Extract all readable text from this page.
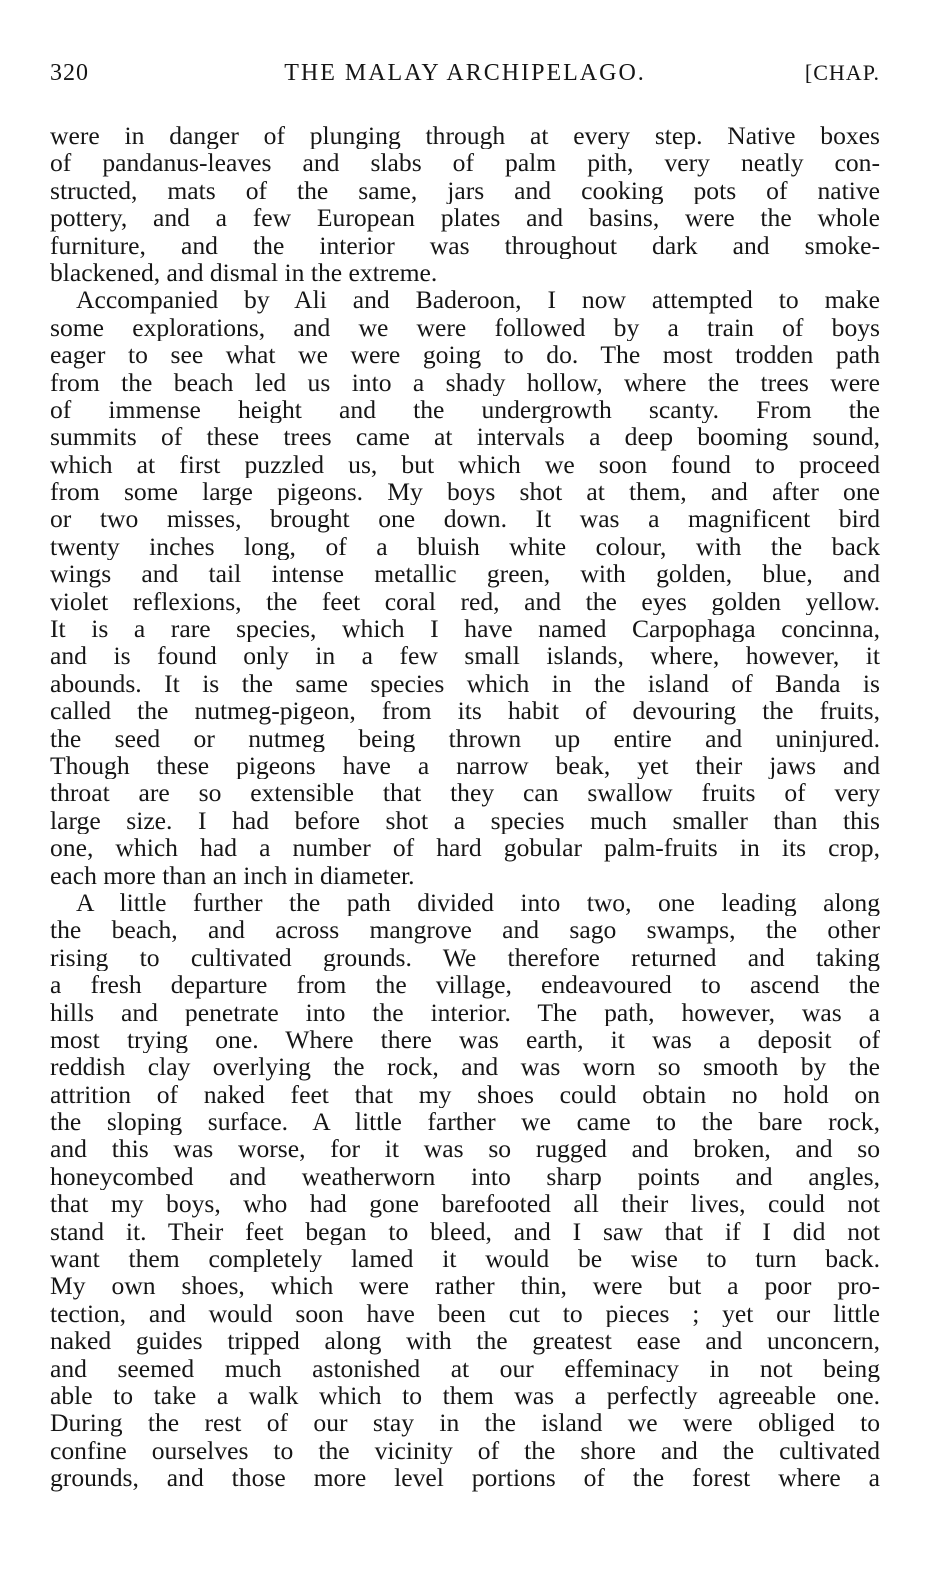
320	THE MALAY ARCHIPELAGO.	[CHAP.
were in danger of plunging through at every step. Native boxes
of pandanus-leaves and slabs of palm pith, very neatly con-
structed, mats of the same, jars and cooking pots of native
pottery, and a few European plates and basins, were the whole
furniture, and the interior was throughout dark and smoke-
blackened, and dismal in the extreme.
Accompanied by Ali and Baderoon, I now attempted to make
some explorations, and we were followed by a train of boys
eager to see what we were going to do. The most trodden path
from the beach led us into a shady hollow, where the trees were
of immense height and the undergrowth scanty. From the
summits of these trees came at intervals a deep booming sound,
which at first puzzled us, but which we soon found to proceed
from some large pigeons. My boys shot at them, and after one
or two misses, brought one down. It was a magnificent bird
twenty inches long, of a bluish white colour, with the back
wings and tail intense metallic green, with golden, blue, and
violet reflexions, the feet coral red, and the eyes golden yellow.
It is a rare species, which I have named Carpophaga concinna,
and is found only in a few small islands, where, however, it
abounds. It is the same species which in the island of Banda is
called the nutmeg-pigeon, from its habit of devouring the fruits,
the seed or nutmeg being thrown up entire and uninjured.
Though these pigeons have a narrow beak, yet their jaws and
throat are so extensible that they can swallow fruits of very
large size. I had before shot a species much smaller than this
one, which had a number of hard gobular palm-fruits in its crop,
each more than an inch in diameter.
A little further the path divided into two, one leading along
the beach, and across mangrove and sago swamps, the other
rising to cultivated grounds. We therefore returned and taking
a fresh departure from the village, endeavoured to ascend the
hills and penetrate into the interior. The path, however, was a
most trying one. Where there was earth, it was a deposit of
reddish clay overlying the rock, and was worn so smooth by the
attrition of naked feet that my shoes could obtain no hold on
the sloping surface. A little farther we came to the bare rock,
and this was worse, for it was so rugged and broken, and so
honeycombed and weatherworn into sharp points and angles,
that my boys, who had gone barefooted all their lives, could not
stand it. Their feet began to bleed, and I saw that if I did not
want them completely lamed it would be wise to turn back.
My own shoes, which were rather thin, were but a poor pro-
tection, and would soon have been cut to pieces ; yet our little
naked guides tripped along with the greatest ease and unconcern,
and seemed much astonished at our effeminacy in not being
able to take a walk which to them was a perfectly agreeable one.
During the rest of our stay in the island we were obliged to
confine ourselves to the vicinity of the shore and the cultivated
grounds, and those more level portions of the forest where a
